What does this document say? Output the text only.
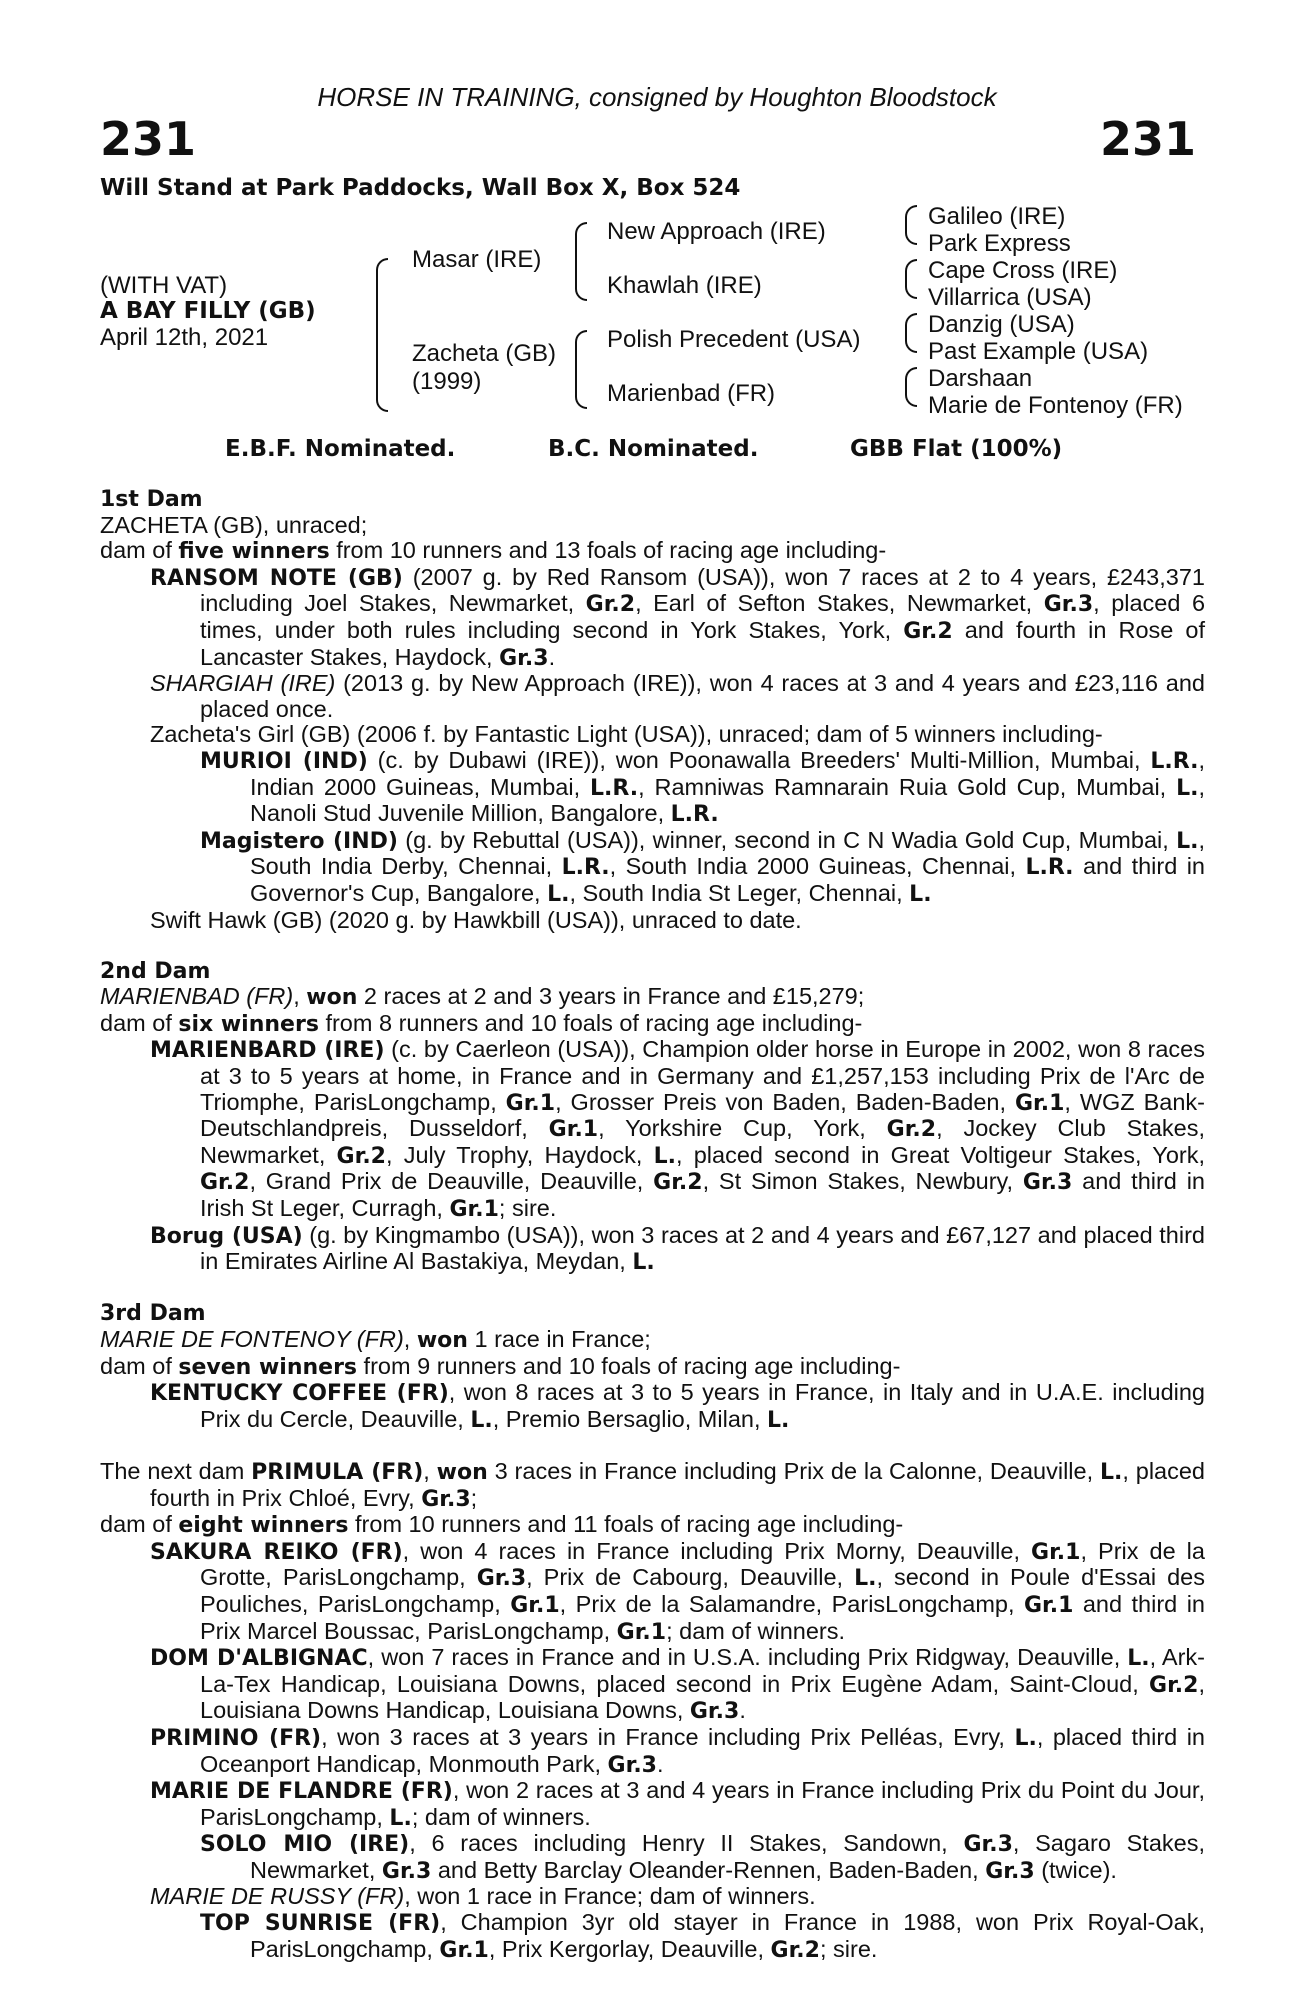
HORSE IN TRAINING, consigned by Houghton Bloodstock
231	231
Will Stand at Park Paddocks, Wall Box X, Box 524
(WITH VAT)
A BAY FILLY (GB)
April 12th, 2021
Masar (IRE)
Zacheta (GB)
(1999)
New Approach (IRE)
Khawlah (IRE)
Polish Precedent (USA)
Marienbad (FR)
Galileo (IRE)
Park Express
Cape Cross (IRE)
Villarrica (USA)
Danzig (USA)
Past Example (USA)
Darshaan
Marie de Fontenoy (FR)
E.B.F. Nominated.	B.C. Nominated.	GBB Flat (100%)

1st Dam

ZACHETA (GB), unraced;

dam of five winners from 10 runners and 13 foals of racing age including-

RANSOM NOTE (GB) (2007 g. by Red Ransom (USA)), won 7 races at 2 to 4 years, £243,371 including Joel Stakes, Newmarket, Gr.2, Earl of Sefton Stakes, Newmarket, Gr.3, placed 6 times, under both rules including second in York Stakes, York, Gr.2 and fourth in Rose of Lancaster Stakes, Haydock, Gr.3.

SHARGIAH (IRE) (2013 g. by New Approach (IRE)), won 4 races at 3 and 4 years and £23,116 and placed once.

Zacheta's Girl (GB) (2006 f. by Fantastic Light (USA)), unraced; dam of 5 winners including-

MURIOI (IND) (c. by Dubawi (IRE)), won Poonawalla Breeders' Multi-Million, Mumbai, L.R., Indian 2000 Guineas, Mumbai, L.R., Ramniwas Ramnarain Ruia Gold Cup, Mumbai, L., Nanoli Stud Juvenile Million, Bangalore, L.R.

Magistero (IND) (g. by Rebuttal (USA)), winner, second in C N Wadia Gold Cup, Mumbai, L., South India Derby, Chennai, L.R., South India 2000 Guineas, Chennai, L.R. and third in Governor's Cup, Bangalore, L., South India St Leger, Chennai, L.

Swift Hawk (GB) (2020 g. by Hawkbill (USA)), unraced to date.

2nd Dam

MARIENBAD (FR), won 2 races at 2 and 3 years in France and £15,279;

dam of six winners from 8 runners and 10 foals of racing age including-

MARIENBARD (IRE) (c. by Caerleon (USA)), Champion older horse in Europe in 2002, won 8 races at 3 to 5 years at home, in France and in Germany and £1,257,153 including Prix de l'Arc de Triomphe, ParisLongchamp, Gr.1, Grosser Preis von Baden, Baden-Baden, Gr.1, WGZ Bank-Deutschlandpreis, Dusseldorf, Gr.1, Yorkshire Cup, York, Gr.2, Jockey Club Stakes, Newmarket, Gr.2, July Trophy, Haydock, L., placed second in Great Voltigeur Stakes, York, Gr.2, Grand Prix de Deauville, Deauville, Gr.2, St Simon Stakes, Newbury, Gr.3 and third in Irish St Leger, Curragh, Gr.1; sire.

Borug (USA) (g. by Kingmambo (USA)), won 3 races at 2 and 4 years and £67,127 and placed third in Emirates Airline Al Bastakiya, Meydan, L.

3rd Dam

MARIE DE FONTENOY (FR), won 1 race in France;

dam of seven winners from 9 runners and 10 foals of racing age including-

KENTUCKY COFFEE (FR), won 8 races at 3 to 5 years in France, in Italy and in U.A.E. including Prix du Cercle, Deauville, L., Premio Bersaglio, Milan, L.

The next dam PRIMULA (FR), won 3 races in France including Prix de la Calonne, Deauville, L., placed fourth in Prix Chloé, Evry, Gr.3;

dam of eight winners from 10 runners and 11 foals of racing age including-

SAKURA REIKO (FR), won 4 races in France including Prix Morny, Deauville, Gr.1, Prix de la Grotte, ParisLongchamp, Gr.3, Prix de Cabourg, Deauville, L., second in Poule d'Essai des Pouliches, ParisLongchamp, Gr.1, Prix de la Salamandre, ParisLongchamp, Gr.1 and third in Prix Marcel Boussac, ParisLongchamp, Gr.1; dam of winners.

DOM D'ALBIGNAC, won 7 races in France and in U.S.A. including Prix Ridgway, Deauville, L., Ark-La-Tex Handicap, Louisiana Downs, placed second in Prix Eugène Adam, Saint-Cloud, Gr.2, Louisiana Downs Handicap, Louisiana Downs, Gr.3.

PRIMINO (FR), won 3 races at 3 years in France including Prix Pelléas, Evry, L., placed third in Oceanport Handicap, Monmouth Park, Gr.3.

MARIE DE FLANDRE (FR), won 2 races at 3 and 4 years in France including Prix du Point du Jour, ParisLongchamp, L.; dam of winners.

SOLO MIO (IRE), 6 races including Henry II Stakes, Sandown, Gr.3, Sagaro Stakes, Newmarket, Gr.3 and Betty Barclay Oleander-Rennen, Baden-Baden, Gr.3 (twice).

MARIE DE RUSSY (FR), won 1 race in France; dam of winners.

TOP SUNRISE (FR), Champion 3yr old stayer in France in 1988, won Prix Royal-Oak, ParisLongchamp, Gr.1, Prix Kergorlay, Deauville, Gr.2; sire.
